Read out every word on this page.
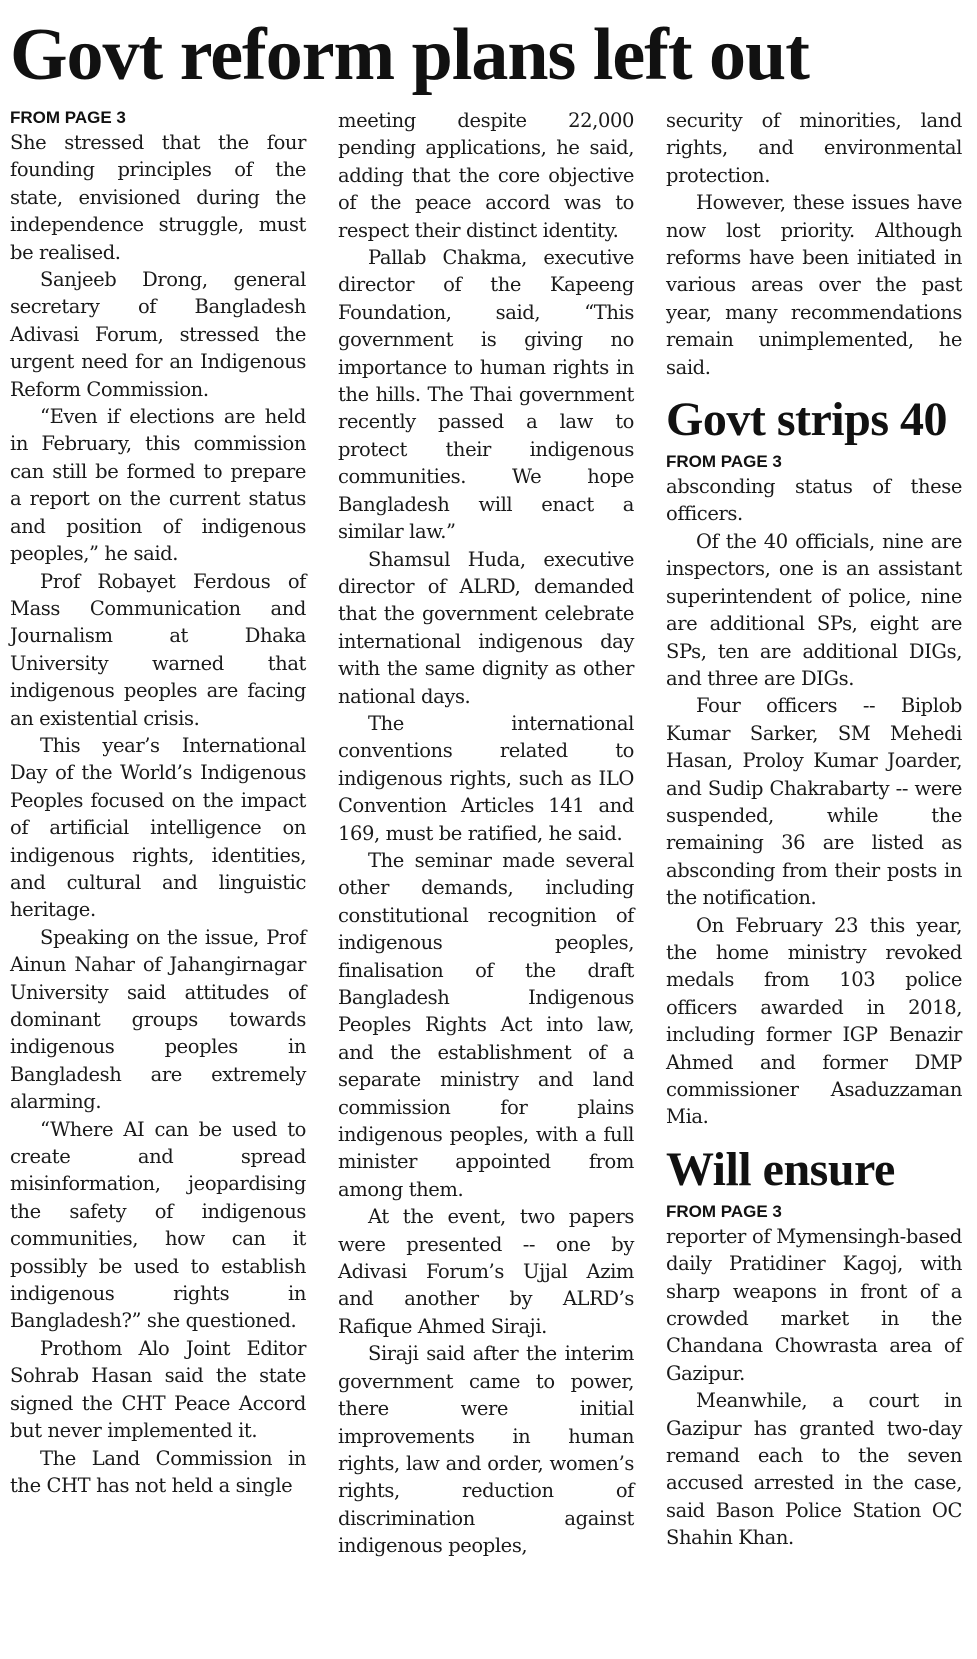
Govt reform plans left out

FROM PAGE 3

She stressed that the four founding principles of the state, envisioned during the independence struggle, must be realised.

Sanjeeb Drong, general secretary of Bangladesh Adivasi Forum, stressed the urgent need for an Indigenous Reform Commission.

“Even if elections are held in February, this commission can still be formed to prepare a report on the current status and position of indigenous peoples,” he said.

Prof Robayet Ferdous of Mass Communication and Journalism at Dhaka University warned that indigenous peoples are facing an existential crisis.

This year’s International Day of the World’s Indigenous Peoples focused on the impact of artificial intelligence on indigenous rights, identities, and cultural and linguistic heritage.

Speaking on the issue, Prof Ainun Nahar of Jahangirnagar University said attitudes of dominant groups towards indigenous peoples in Bangladesh are extremely alarming.

“Where AI can be used to create and spread misinformation, jeopardising the safety of indigenous communities, how can it possibly be used to establish indigenous rights in Bangladesh?” she questioned.

Prothom Alo Joint Editor Sohrab Hasan said the state signed the CHT Peace Accord but never implemented it.

The Land Commission in the CHT has not held a single

meeting despite 22,000 pending applications, he said, adding that the core objective of the peace accord was to respect their distinct identity.

Pallab Chakma, executive director of the Kapeeng Foundation, said, “This government is giving no importance to human rights in the hills. The Thai government recently passed a law to protect their indigenous communities. We hope Bangladesh will enact a similar law.”

Shamsul Huda, executive director of ALRD, demanded that the government celebrate international indigenous day with the same dignity as other national days.

The international conventions related to indigenous rights, such as ILO Convention Articles 141 and 169, must be ratified, he said.

The seminar made several other demands, including constitutional recognition of indigenous peoples, finalisation of the draft Bangladesh Indigenous Peoples Rights Act into law, and the establishment of a separate ministry and land commission for plains indigenous peoples, with a full minister appointed from among them.

At the event, two papers were presented -- one by Adivasi Forum’s Ujjal Azim and another by ALRD’s Rafique Ahmed Siraji.

Siraji said after the interim government came to power, there were initial improvements in human rights, law and order, women’s rights, reduction of discrimination against indigenous peoples,

security of minorities, land rights, and environmental protection.

However, these issues have now lost priority. Although reforms have been initiated in various areas over the past year, many recommendations remain unimplemented, he said.

Govt strips 40

FROM PAGE 3

absconding status of these officers.

Of the 40 officials, nine are inspectors, one is an assistant superintendent of police, nine are additional SPs, eight are SPs, ten are additional DIGs, and three are DIGs.

Four officers -- Biplob Kumar Sarker, SM Mehedi Hasan, Proloy Kumar Joarder, and Sudip Chakrabarty -- were suspended, while the remaining 36 are listed as absconding from their posts in the notification.

On February 23 this year, the home ministry revoked medals from 103 police officers awarded in 2018, including former IGP Benazir Ahmed and former DMP commissioner Asaduzzaman Mia.

Will ensure

FROM PAGE 3

reporter of Mymensingh-based daily Pratidiner Kagoj, with sharp weapons in front of a crowded market in the Chandana Chowrasta area of Gazipur.

Meanwhile, a court in Gazipur has granted two-day remand each to the seven accused arrested in the case, said Bason Police Station OC Shahin Khan.
